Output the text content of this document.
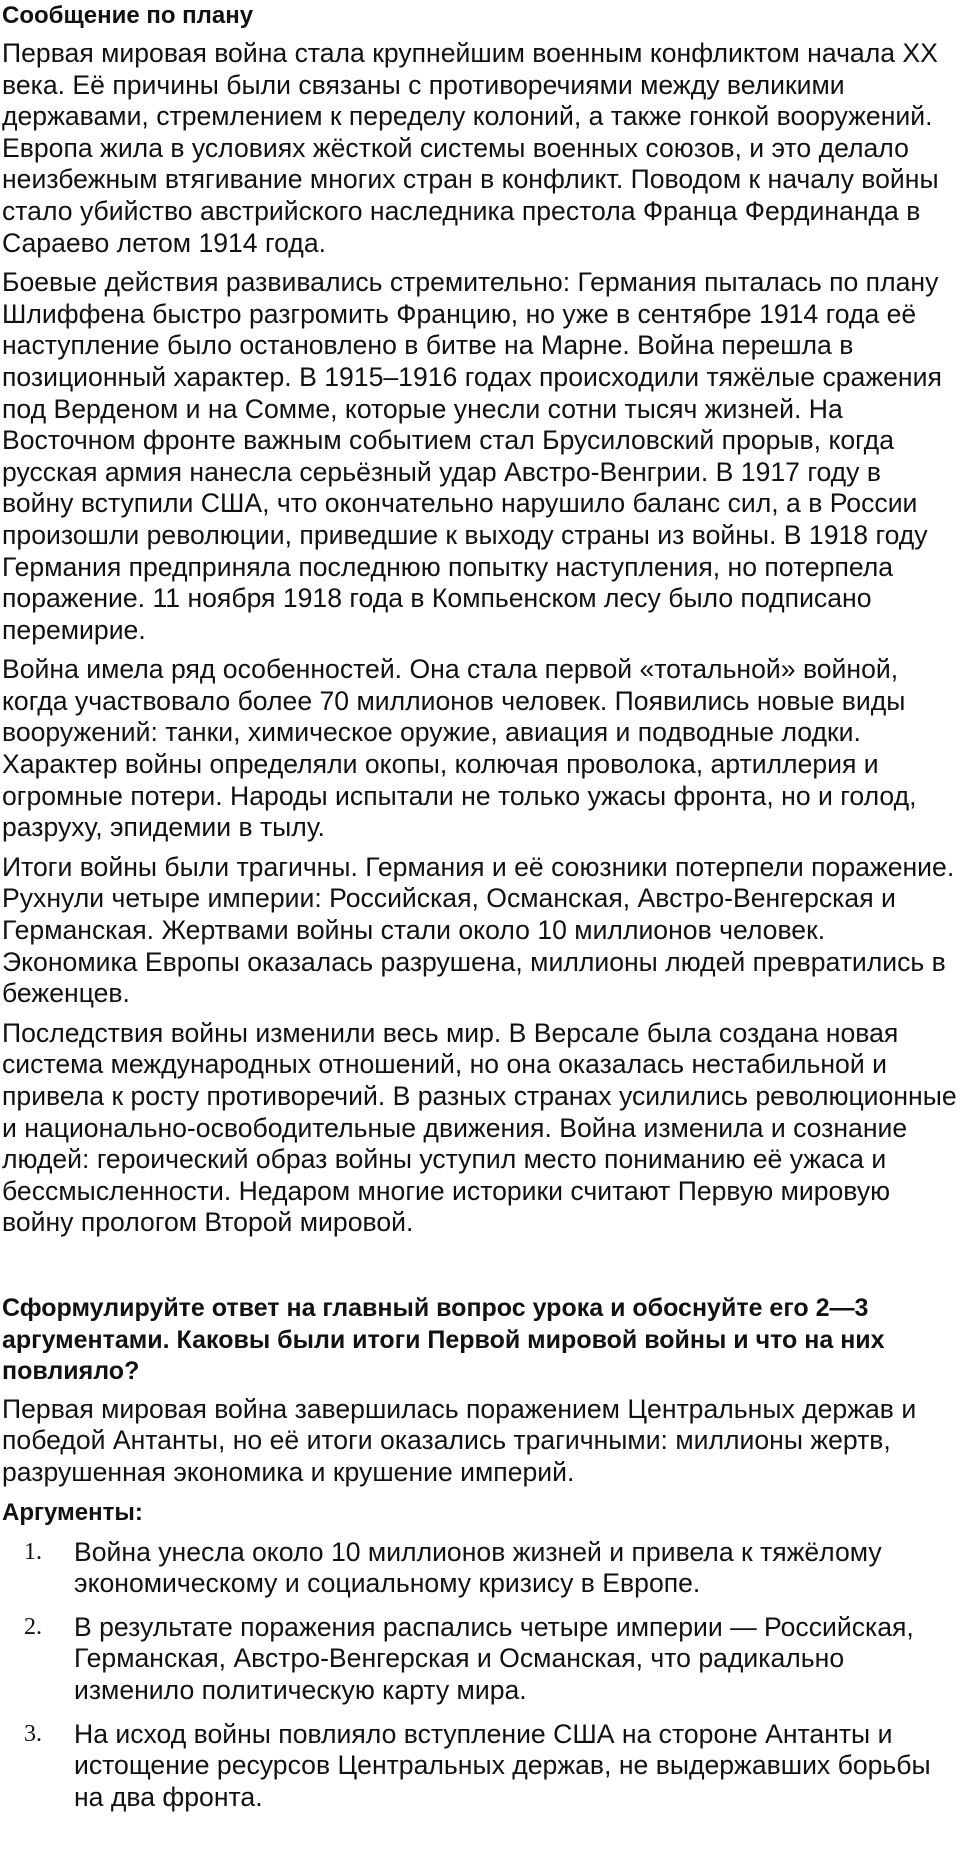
Сообщение по плану

Первая мировая война стала крупнейшим военным конфликтом начала XX века. Её причины были связаны с противоречиями между великими державами, стремлением к переделу колоний, а также гонкой вооружений. Европа жила в условиях жёсткой системы военных союзов, и это делало неизбежным втягивание многих стран в конфликт. Поводом к началу войны стало убийство австрийского наследника престола Франца Фердинанда в Сараево летом 1914 года.

Боевые действия развивались стремительно: Германия пыталась по плану Шлиффена быстро разгромить Францию, но уже в сентябре 1914 года её наступление было остановлено в битве на Марне. Война перешла в позиционный характер. В 1915–1916 годах происходили тяжёлые сражения под Верденом и на Сомме, которые унесли сотни тысяч жизней. На Восточном фронте важным событием стал Брусиловский прорыв, когда русская армия нанесла серьёзный удар Австро-Венгрии. В 1917 году в войну вступили США, что окончательно нарушило баланс сил, а в России произошли революции, приведшие к выходу страны из войны. В 1918 году Германия предприняла последнюю попытку наступления, но потерпела поражение. 11 ноября 1918 года в Компьенском лесу было подписано перемирие.

Война имела ряд особенностей. Она стала первой «тотальной» войной, когда участвовало более 70 миллионов человек. Появились новые виды вооружений: танки, химическое оружие, авиация и подводные лодки. Характер войны определяли окопы, колючая проволока, артиллерия и огромные потери. Народы испытали не только ужасы фронта, но и голод, разруху, эпидемии в тылу.

Итоги войны были трагичны. Германия и её союзники потерпели поражение. Рухнули четыре империи: Российская, Османская, Австро-Венгерская и Германская. Жертвами войны стали около 10 миллионов человек. Экономика Европы оказалась разрушена, миллионы людей превратились в беженцев.

Последствия войны изменили весь мир. В Версале была создана новая система международных отношений, но она оказалась нестабильной и привела к росту противоречий. В разных странах усилились революционные и национально-освободительные движения. Война изменила и сознание людей: героический образ войны уступил место пониманию её ужаса и бессмысленности. Недаром многие историки считают Первую мировую войну прологом Второй мировой.

Сформулируйте ответ на главный вопрос урока и обоснуйте его 2—3 аргументами. Каковы были итоги Первой мировой войны и что на них повлияло?

Первая мировая война завершилась поражением Центральных держав и победой Антанты, но её итоги оказались трагичными: миллионы жертв, разрушенная экономика и крушение империй.

Аргументы:
1.	Война унесла около 10 миллионов жизней и привела к тяжёлому экономическому и социальному кризису в Европе.
2.	В результате поражения распались четыре империи — Российская, Германская, Австро-Венгерская и Османская, что радикально изменило политическую карту мира.
3.	На исход войны повлияло вступление США на стороне Антанты и истощение ресурсов Центральных держав, не выдержавших борьбы на два фронта.
